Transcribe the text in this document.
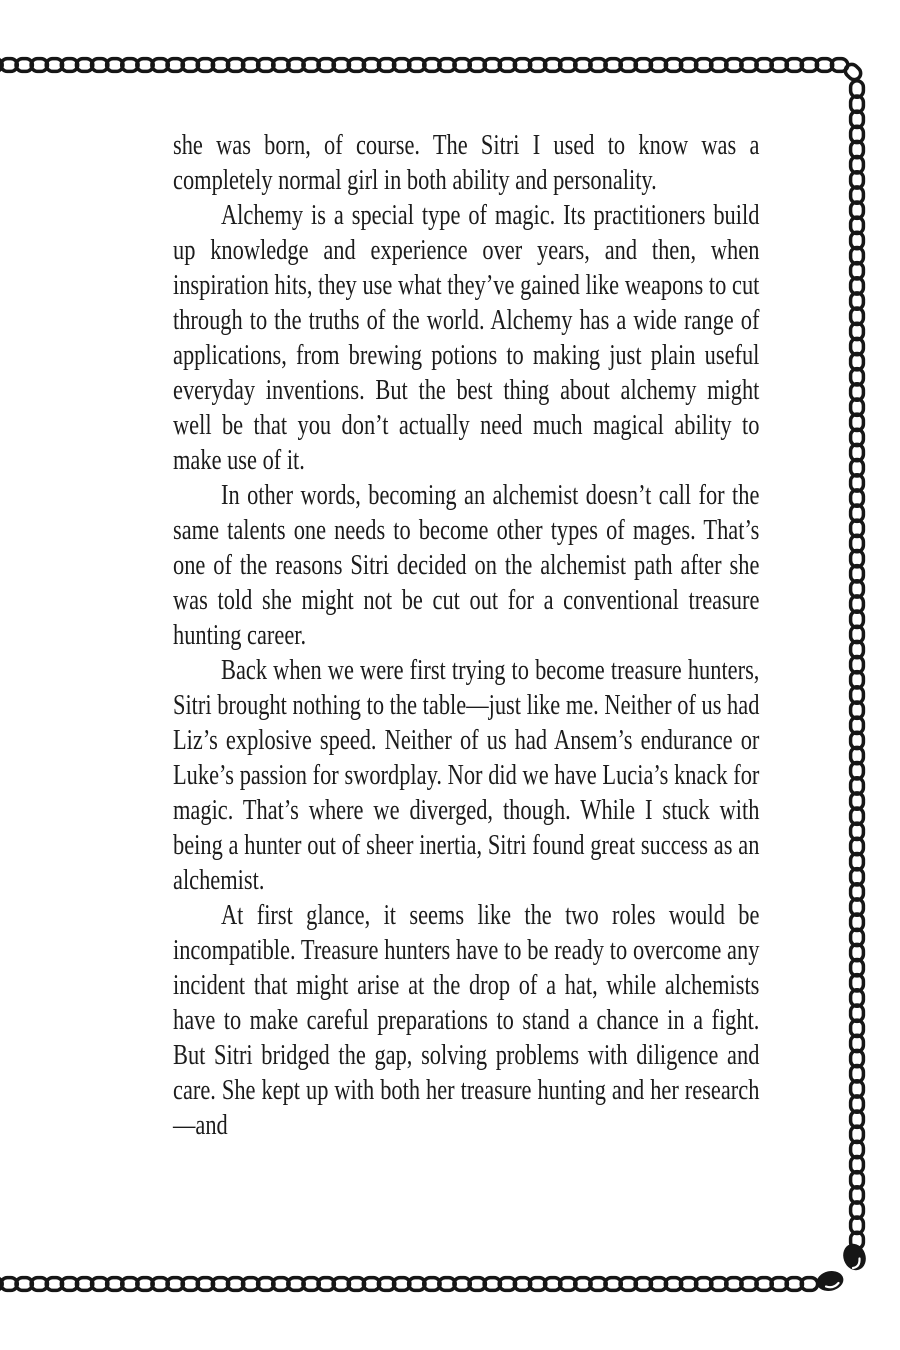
she was born, of course. The Sitri I used to know was a completely normal girl in both ability and personality.

Alchemy is a special type of magic. Its practitioners build up knowledge and experience over years, and then, when inspiration hits, they use what they’ve gained like weapons to cut through to the truths of the world. Alchemy has a wide range of applications, from brewing potions to making just plain useful everyday inventions. But the best thing about alchemy might well be that you don’t actually need much magical ability to make use of it.

In other words, becoming an alchemist doesn’t call for the same talents one needs to become other types of mages. That’s one of the reasons Sitri decided on the alchemist path after she was told she might not be cut out for a conventional treasure hunting career.

Back when we were first trying to become treasure hunters, Sitri brought nothing to the table—just like me. Neither of us had Liz’s explosive speed. Neither of us had Ansem’s endurance or Luke’s passion for swordplay. Nor did we have Lucia’s knack for magic. That’s where we diverged, though. While I stuck with being a hunter out of sheer inertia, Sitri found great success as an alchemist.

At first glance, it seems like the two roles would be incompatible. Treasure hunters have to be ready to overcome any incident that might arise at the drop of a hat, while alchemists have to make careful preparations to stand a chance in a fight. But Sitri bridged the gap, solving problems with diligence and care. She kept up with both her treasure hunting and her research—and
